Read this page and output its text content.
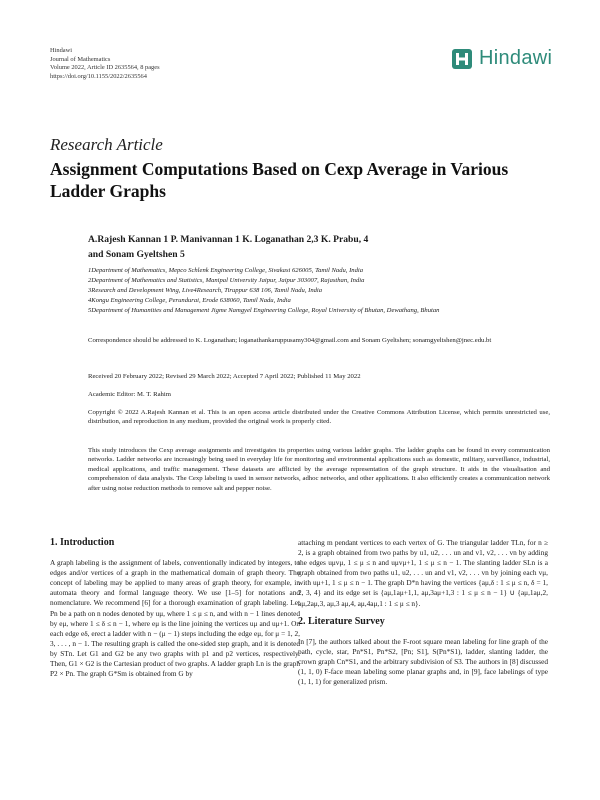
Hindawi
Journal of Mathematics
Volume 2022, Article ID 2635564, 8 pages
https://doi.org/10.1155/2022/2635564
Hindawi
Research Article
Assignment Computations Based on Cexp Average in Various Ladder Graphs
A.Rajesh Kannan 1 P. Manivannan 1 K. Loganathan 2,3 K. Prabu, 4
and Sonam Gyeltshen 5
1Department of Mathematics, Mepco Schlenk Engineering College, Sivakasi 626005, Tamil Nadu, India
2Department of Mathematics and Statistics, Manipal University Jaipur, Jaipur 303007, Rajasthan, India
3Research and Development Wing, Live4Research, Tiruppur 638 106, Tamil Nadu, India
4Kongu Engineering College, Perundurai, Erode 638060, Tamil Nadu, India
5Department of Humanities and Management Jigme Namgyel Engineering College, Royal University of Bhutan, Dewathang, Bhutan
Correspondence should be addressed to K. Loganathan; loganathankaruppusamy304@gmail.com and Sonam Gyeltshen; sonamgyeltshen@jnec.edu.bt
Received 20 February 2022; Revised 29 March 2022; Accepted 7 April 2022; Published 11 May 2022
Academic Editor: M. T. Rahim
Copyright © 2022 A.Rajesh Kannan et al. This is an open access article distributed under the Creative Commons Attribution License, which permits unrestricted use, distribution, and reproduction in any medium, provided the original work is properly cited.
This study introduces the Cexp average assignments and investigates its properties using various ladder graphs. The ladder graphs can be found in every communication networks. Ladder networks are increasingly being used in everyday life for monitoring and environmental applications such as domestic, military, surveillance, industrial, medical applications, and traffic management. These datasets are afflicted by the average representation of the graph structure. It aids in the visualisation and comprehension of data analysis. The Cexp labeling is used in sensor networks, adhoc networks, and other applications. It also efficiently creates a communication network after using noise reduction methods to remove salt and pepper noise.
1. Introduction

A graph labeling is the assignment of labels, conventionally indicated by integers, to edges and/or vertices of a graph in the mathematical domain of graph theory. The concept of labeling may be applied to many areas of graph theory, for example, in automata theory and formal language theory. We use [1–5] for notations and nomenclature. We recommend [6] for a thorough examination of graph labeling. Let Pn be a path on n nodes denoted by uμ, where 1 ≤ μ ≤ n, and with n − 1 lines denoted by eμ, where 1 ≤ δ ≤ n − 1, where eμ is the line joining the vertices uμ and uμ+1. On each edge eδ, erect a ladder with n − (μ − 1) steps including the edge eμ, for μ = 1, 2, 3, . . . , n − 1. The resulting graph is called the one-sided step graph, and it is denoted by STn. Let G1 and G2 be any two graphs with p1 and p2 vertices, respectively. Then, G1 × G2 is the Cartesian product of two graphs. A ladder graph Ln is the graph P2 × Pn. The graph G*Sm is obtained from G by

attaching m pendant vertices to each vertex of G. The triangular ladder TLn, for n ≥ 2, is a graph obtained from two paths by u1, u2, . . . un and v1, v2, . . . vn by adding the edges uμvμ, 1 ≤ μ ≤ n and uμvμ+1, 1 ≤ μ ≤ n − 1. The slanting ladder SLn is a graph obtained from two paths u1, u2, . . . un and v1, v2, . . . vn by joining each vμ, with uμ+1, 1 ≤ μ ≤ n − 1. The graph D*n having the vertices {aμ,δ : 1 ≤ μ ≤ n, δ = 1, 2, 3, 4} and its edge set is {aμ,1aμ+1,1, aμ,3aμ+1,3 : 1 ≤ μ ≤ n − 1} ∪ {aμ,1aμ,2, aμ,2aμ,3, aμ,3 aμ,4, aμ,4aμ,1 : 1 ≤ μ ≤ n}.

2. Literature Survey

In [7], the authors talked about the F-root square mean labeling for line graph of the path, cycle, star, Pn*S1, Pn*S2, [Pn; S1], S(Pn*S1), ladder, slanting ladder, the crown graph Cn*S1, and the arbitrary subdivision of S3. The authors in [8] discussed (1, 1, 0) F-face mean labeling some planar graphs and, in [9], face labelings of type (1, 1, 1) for generalized prism.
